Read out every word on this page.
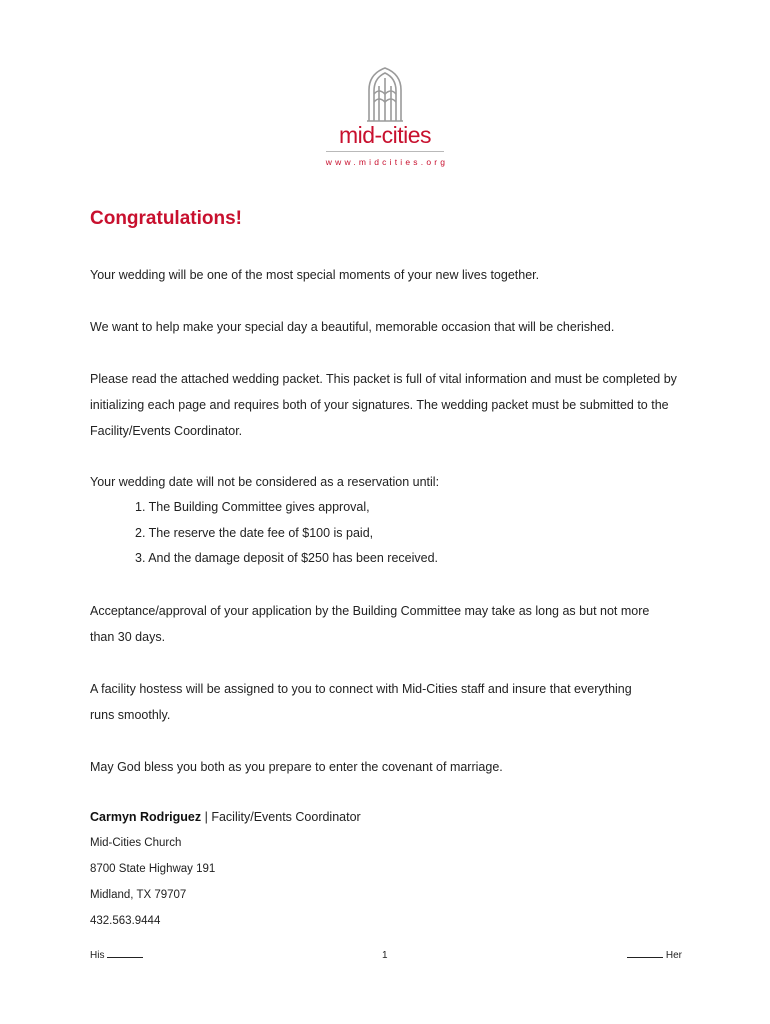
mid-cities
www.midcities.org
Congratulations!

Your wedding will be one of the most special moments of your new lives together.

We want to help make your special day a beautiful, memorable occasion that will be cherished.

Please read the attached wedding packet. This packet is full of vital information and must be completed by initializing each page and requires both of your signatures. The wedding packet must be submitted to the Facility/Events Coordinator.

Your wedding date will not be considered as a reservation until:

1. The Building Committee gives approval,
2. The reserve the date fee of $100 is paid,
3. And the damage deposit of $250 has been received.

Acceptance/approval of your application by the Building Committee may take as long as but not more than 30 days.

A facility hostess will be assigned to you to connect with Mid-Cities staff and insure that everything runs smoothly.

May God bless you both as you prepare to enter the covenant of marriage.

Carmyn Rodriguez | Facility/Events Coordinator

Mid-Cities Church

8700 State Highway 191

Midland, TX 79707

432.563.9444

His	1	Her
